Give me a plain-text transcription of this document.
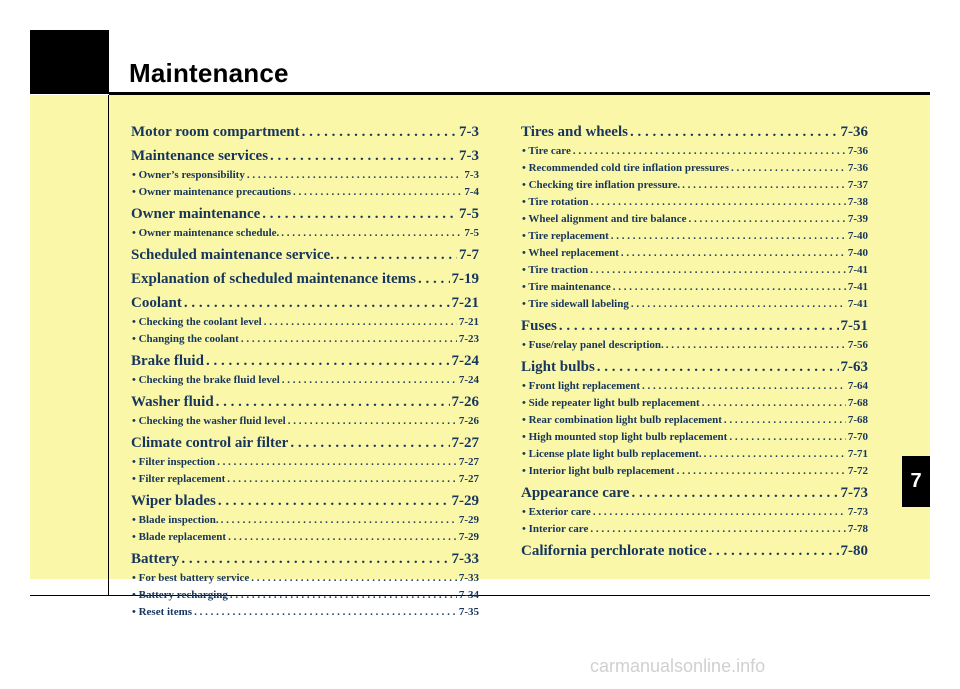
Maintenance
Motor room compartment . . .	7-3
Maintenance services . . .	7-3
• Owner’s responsibility . . .	7-3
• Owner maintenance precautions . . .	7-4
Owner maintenance . . .	7-5
• Owner maintenance schedule. . . .	7-5
Scheduled maintenance service. . . .	7-7
Explanation of scheduled maintenance items . . . 7-19
Coolant . . .	7-21
• Checking the coolant level . . .	7-21
• Changing the coolant . . .	7-23
Brake fluid . . .	7-24
• Checking the brake fluid level . . .	7-24
Washer fluid . . .	7-26
• Checking the washer fluid level . . .	7-26
Climate control air filter . . .	7-27
• Filter inspection . . .	7-27
• Filter replacement . . .	7-27
Wiper blades . . .	7-29
• Blade inspection. . . .	7-29
• Blade replacement . . .	7-29
Battery . . .	7-33
• For best battery service . . .	7-33
• Battery recharging . . .	7-34
• Reset items . . .	7-35
Tires and wheels . . .	7-36
• Tire care . . .	7-36
• Recommended cold tire inflation pressures . . .	7-36
• Checking tire inflation pressure. . . .	7-37
• Tire rotation . . .	7-38
• Wheel alignment and tire balance . . .	7-39
• Tire replacement . . .	7-40
• Wheel replacement . . .	7-40
• Tire traction . . .	7-41
• Tire maintenance . . .	7-41
• Tire sidewall labeling . . .	7-41
Fuses . . .	7-51
• Fuse/relay panel description. . . .	7-56
Light bulbs . . .	7-63
• Front light replacement . . .	7-64
• Side repeater light bulb replacement . . .	7-68
• Rear combination light bulb replacement . . .	7-68
• High mounted stop light bulb replacement . . .	7-70
• License plate light bulb replacement. . . .	7-71
• Interior light bulb replacement . . .	7-72
Appearance care . . .	7-73
• Exterior care . . .	7-73
• Interior care . . .	7-78
California perchlorate notice . . .	7-80
7
carmanualsonline.info
